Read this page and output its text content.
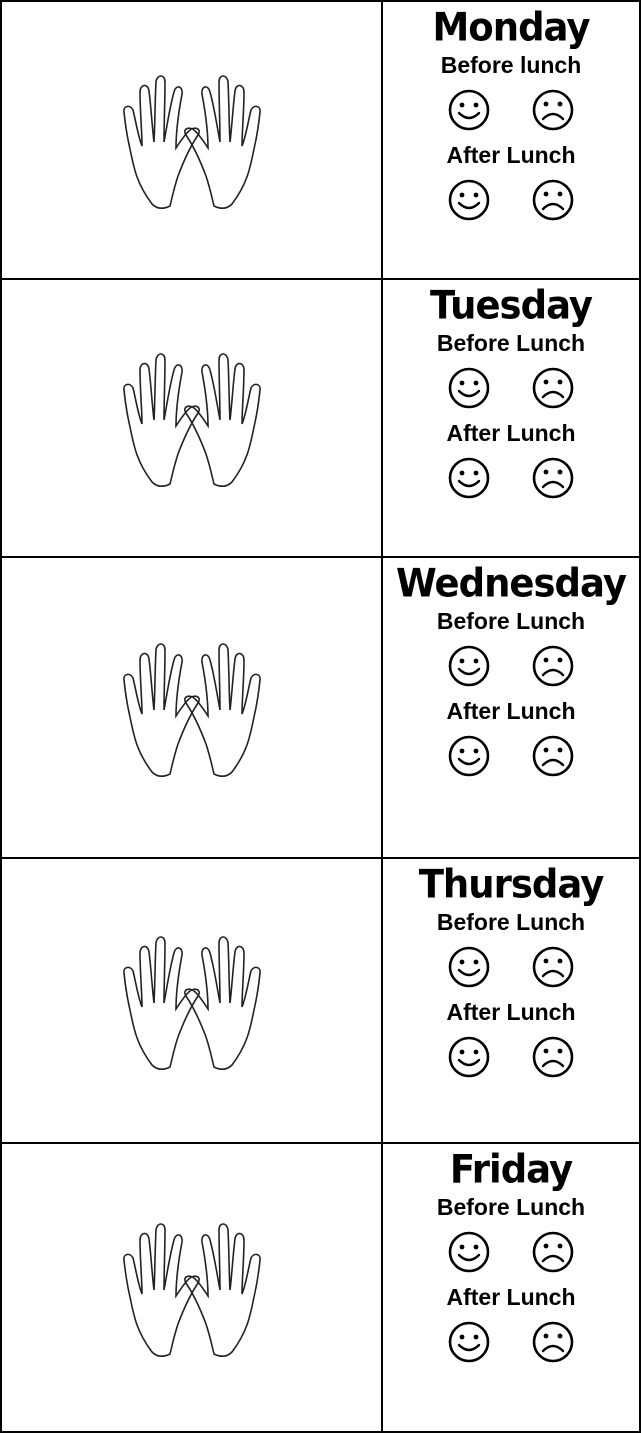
Monday
Before lunch
After Lunch
Tuesday
Before Lunch
After Lunch
Wednesday
Before Lunch
After Lunch
Thursday
Before Lunch
After Lunch
Friday
Before Lunch
After Lunch
